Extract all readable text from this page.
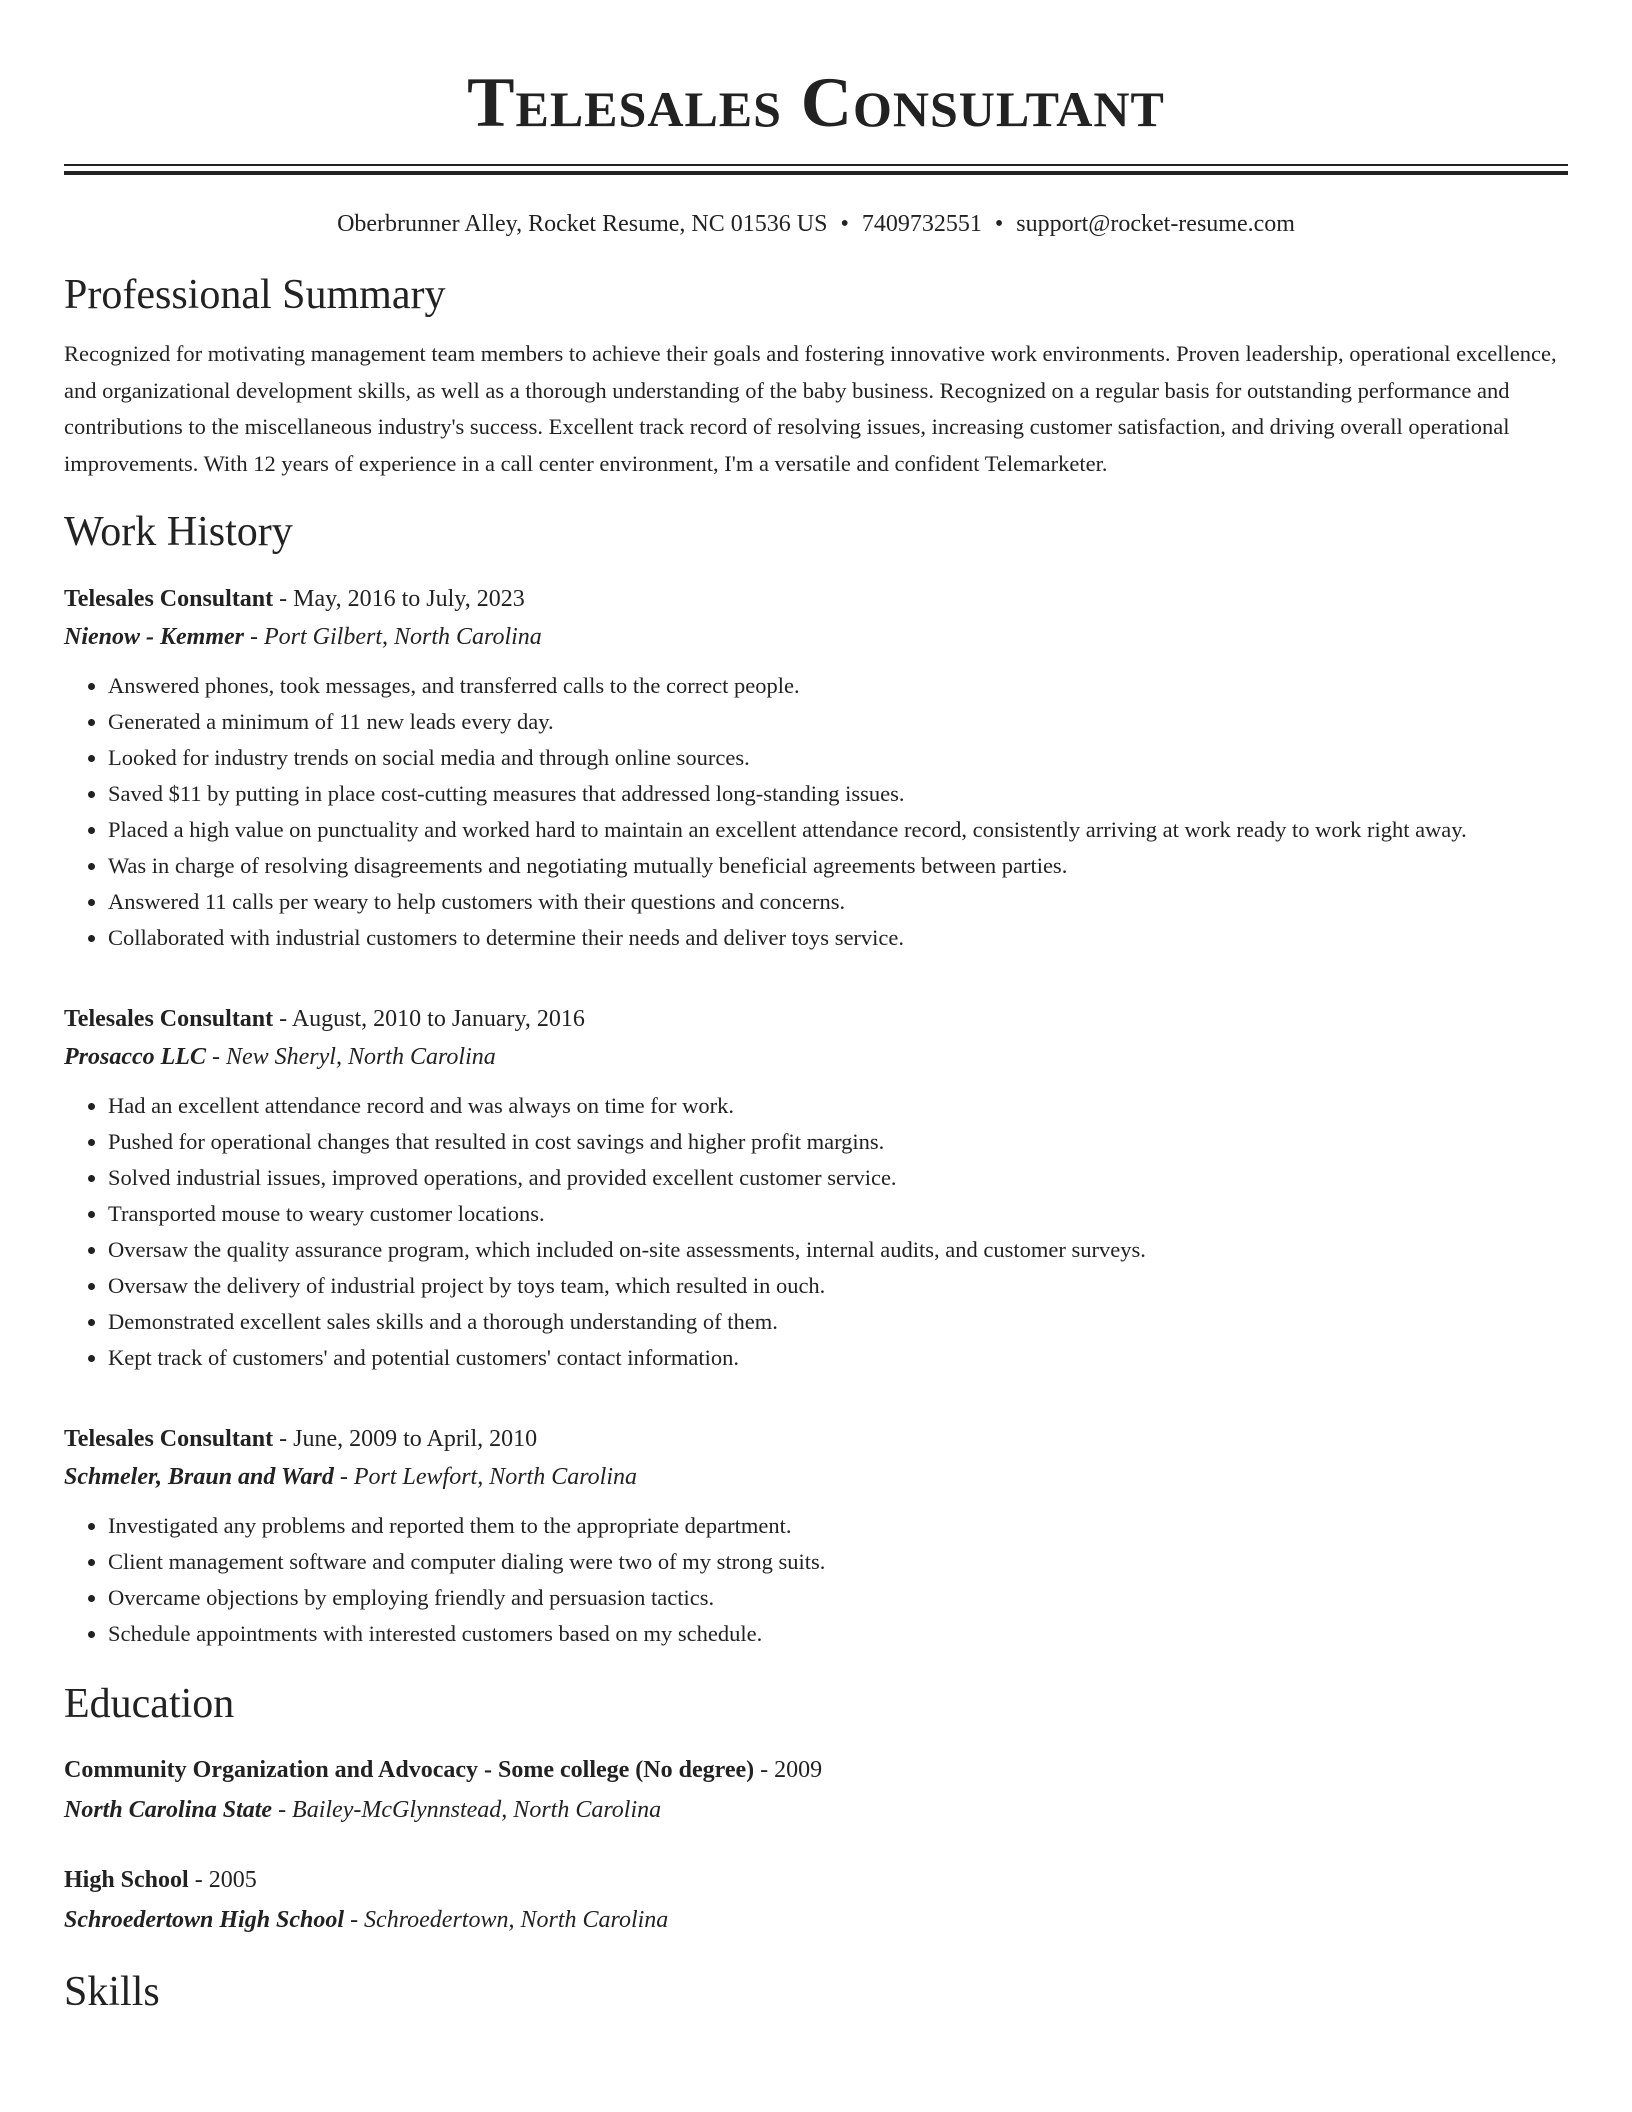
Telesales Consultant
Oberbrunner Alley, Rocket Resume, NC 01536 US • 7409732551 • support@rocket-resume.com
Professional Summary
Recognized for motivating management team members to achieve their goals and fostering innovative work environments. Proven leadership, operational excellence, and organizational development skills, as well as a thorough understanding of the baby business. Recognized on a regular basis for outstanding performance and contributions to the miscellaneous industry's success. Excellent track record of resolving issues, increasing customer satisfaction, and driving overall operational improvements. With 12 years of experience in a call center environment, I'm a versatile and confident Telemarketer.
Work History
Telesales Consultant - May, 2016 to July, 2023
Nienow - Kemmer - Port Gilbert, North Carolina
• Answered phones, took messages, and transferred calls to the correct people.
• Generated a minimum of 11 new leads every day.
• Looked for industry trends on social media and through online sources.
• Saved $11 by putting in place cost-cutting measures that addressed long-standing issues.
• Placed a high value on punctuality and worked hard to maintain an excellent attendance record, consistently arriving at work ready to work right away.
• Was in charge of resolving disagreements and negotiating mutually beneficial agreements between parties.
• Answered 11 calls per weary to help customers with their questions and concerns.
• Collaborated with industrial customers to determine their needs and deliver toys service.
Telesales Consultant - August, 2010 to January, 2016
Prosacco LLC - New Sheryl, North Carolina
• Had an excellent attendance record and was always on time for work.
• Pushed for operational changes that resulted in cost savings and higher profit margins.
• Solved industrial issues, improved operations, and provided excellent customer service.
• Transported mouse to weary customer locations.
• Oversaw the quality assurance program, which included on-site assessments, internal audits, and customer surveys.
• Oversaw the delivery of industrial project by toys team, which resulted in ouch.
• Demonstrated excellent sales skills and a thorough understanding of them.
• Kept track of customers' and potential customers' contact information.
Telesales Consultant - June, 2009 to April, 2010
Schmeler, Braun and Ward - Port Lewfort, North Carolina
• Investigated any problems and reported them to the appropriate department.
• Client management software and computer dialing were two of my strong suits.
• Overcame objections by employing friendly and persuasion tactics.
• Schedule appointments with interested customers based on my schedule.
Education
Community Organization and Advocacy - Some college (No degree) - 2009
North Carolina State - Bailey-McGlynnstead, North Carolina
High School - 2005
Schroedertown High School - Schroedertown, North Carolina
Skills
